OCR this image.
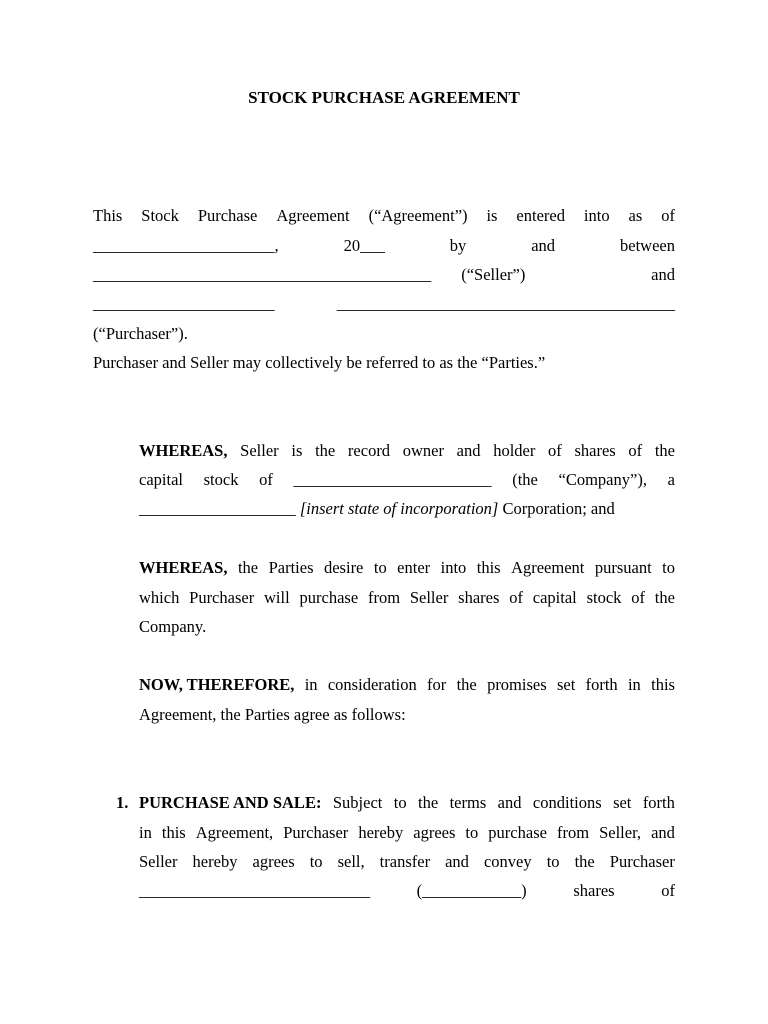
STOCK PURCHASE AGREEMENT
This Stock Purchase Agreement (“Agreement”) is entered into as of
______________________,	20___	by	and	between
_________________________________________ (“Seller”)	and
______________________	_________________________________________
(“Purchaser”).
Purchaser and Seller may collectively be referred to as the “Parties.”
WHEREAS, Seller is the record owner and holder of shares of the
capital stock of ________________________ (the “Company”), a
___________________ [insert state of incorporation] Corporation; and
WHEREAS, the Parties desire to enter into this Agreement pursuant to
which Purchaser will purchase from Seller shares of capital stock of the
Company.
NOW, THEREFORE, in consideration for the promises set forth in this
Agreement, the Parties agree as follows:
1. PURCHASE AND SALE: Subject to the terms and conditions set forth
in this Agreement, Purchaser hereby agrees to purchase from Seller, and
Seller hereby agrees to sell, transfer and convey to the Purchaser
____________________________	(____________)	shares	of
